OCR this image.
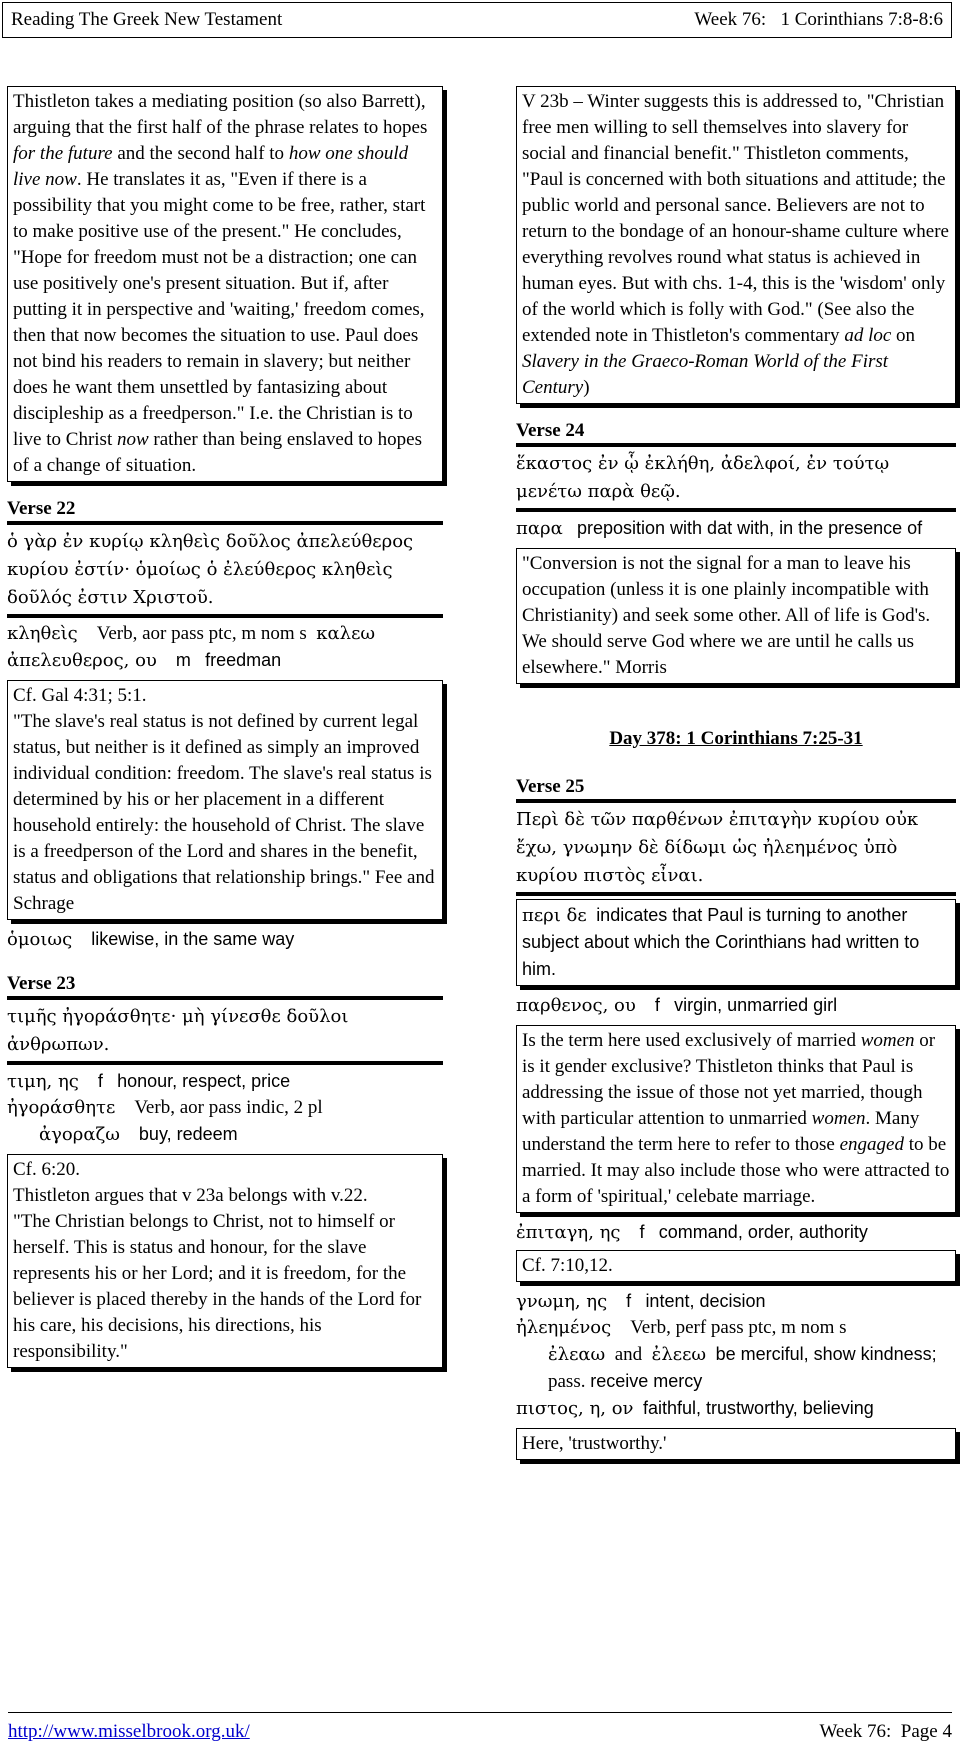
Reading The Greek New Testament	Week 76:   1 Corinthians 7:8-8:6
Thistleton takes a mediating position (so also Barrett), arguing that the first half of the phrase relates to hopes for the future and the second half to how one should live now. He translates it as, "Even if there is a possibility that you might come to be free, rather, start to make positive use of the present." He concludes, "Hope for freedom must not be a distraction; one can use positively one's present situation. But if, after putting it in perspective and 'waiting,' freedom comes, then that now becomes the situation to use. Paul does not bind his readers to remain in slavery; but neither does he want them unsettled by fantasizing about discipleship as a freedperson." I.e. the Christian is to live to Christ now rather than being enslaved to hopes of a change of situation.
Verse 22
ὁ γὰρ ἐν κυρίῳ κληθεὶς δοῦλος ἀπελεύθερος κυρίου ἐστίν· ὁμοίως ὁ ἐλεύθερος κληθεὶς δοῦλός ἐστιν Χριστοῦ.
κληθεὶς Verb, aor pass ptc, m nom s καλεω
ἀπελευθερος, ου m freedman
Cf. Gal 4:31; 5:1.
"The slave's real status is not defined by current legal status, but neither is it defined as simply an improved individual condition: freedom. The slave's real status is determined by his or her placement in a different household entirely: the household of Christ. The slave is a freedperson of the Lord and shares in the benefit, status and obligations that relationship brings." Fee and Schrage
ὁμοιως likewise, in the same way
Verse 23
τιμῆς ἠγοράσθητε· μὴ γίνεσθε δοῦλοι ἀνθρωπων.
τιμη, ης f honour, respect, price
ἠγοράσθητε Verb, aor pass indic, 2 pl
ἀγοραζω buy, redeem
Cf. 6:20.
Thistleton argues that v 23a belongs with v.22.
"The Christian belongs to Christ, not to himself or herself. This is status and honour, for the slave represents his or her Lord; and it is freedom, for the believer is placed thereby in the hands of the Lord for his care, his decisions, his directions, his responsibility."
V 23b – Winter suggests this is addressed to, "Christian free men willing to sell themselves into slavery for social and financial benefit." Thistleton comments, "Paul is concerned with both situations and attitude; the public world and personal sance. Believers are not to return to the bondage of an honour-shame culture where everything revolves round what status is achieved in human eyes. But with chs. 1-4, this is the 'wisdom' only of the world which is folly with God." (See also the extended note in Thistleton's commentary ad loc on Slavery in the Graeco-Roman World of the First Century)
Verse 24
ἕκαστος ἐν ᾧ ἐκλήθη, ἀδελφοί, ἐν τούτῳ μενέτω παρὰ θεῷ.
παρα preposition with dat with, in the presence of
"Conversion is not the signal for a man to leave his occupation (unless it is one plainly incompatible with Christianity) and seek some other. All of life is God's. We should serve God where we are until he calls us elsewhere." Morris
Day 378: 1 Corinthians 7:25-31
Verse 25
Περὶ δὲ τῶν παρθένων ἐπιταγὴν κυρίου οὐκ ἔχω, γνωμην δὲ δίδωμι ὡς ἠλεημένος ὑπὸ κυρίου πιστὸς εἶναι.
περι δε indicates that Paul is turning to another subject about which the Corinthians had written to him.
παρθενος, ου f virgin, unmarried girl
Is the term here used exclusively of married women or is it gender exclusive? Thistleton thinks that Paul is addressing the issue of those not yet married, though with particular attention to unmarried women. Many understand the term here to refer to those engaged to be married. It may also include those who were attracted to a form of 'spiritual,' celebate marriage.
ἐπιταγη, ης f command, order, authority
Cf. 7:10,12.
γνωμη, ης f intent, decision
ἠλεημένος Verb, perf pass ptc, m nom s
ἐλεαω and ἐλεεω be merciful, show kindness; pass. receive mercy
πιστος, η, ον faithful, trustworthy, believing
Here, 'trustworthy.'
http://www.misselbrook.org.uk/	Week 76:  Page 4
